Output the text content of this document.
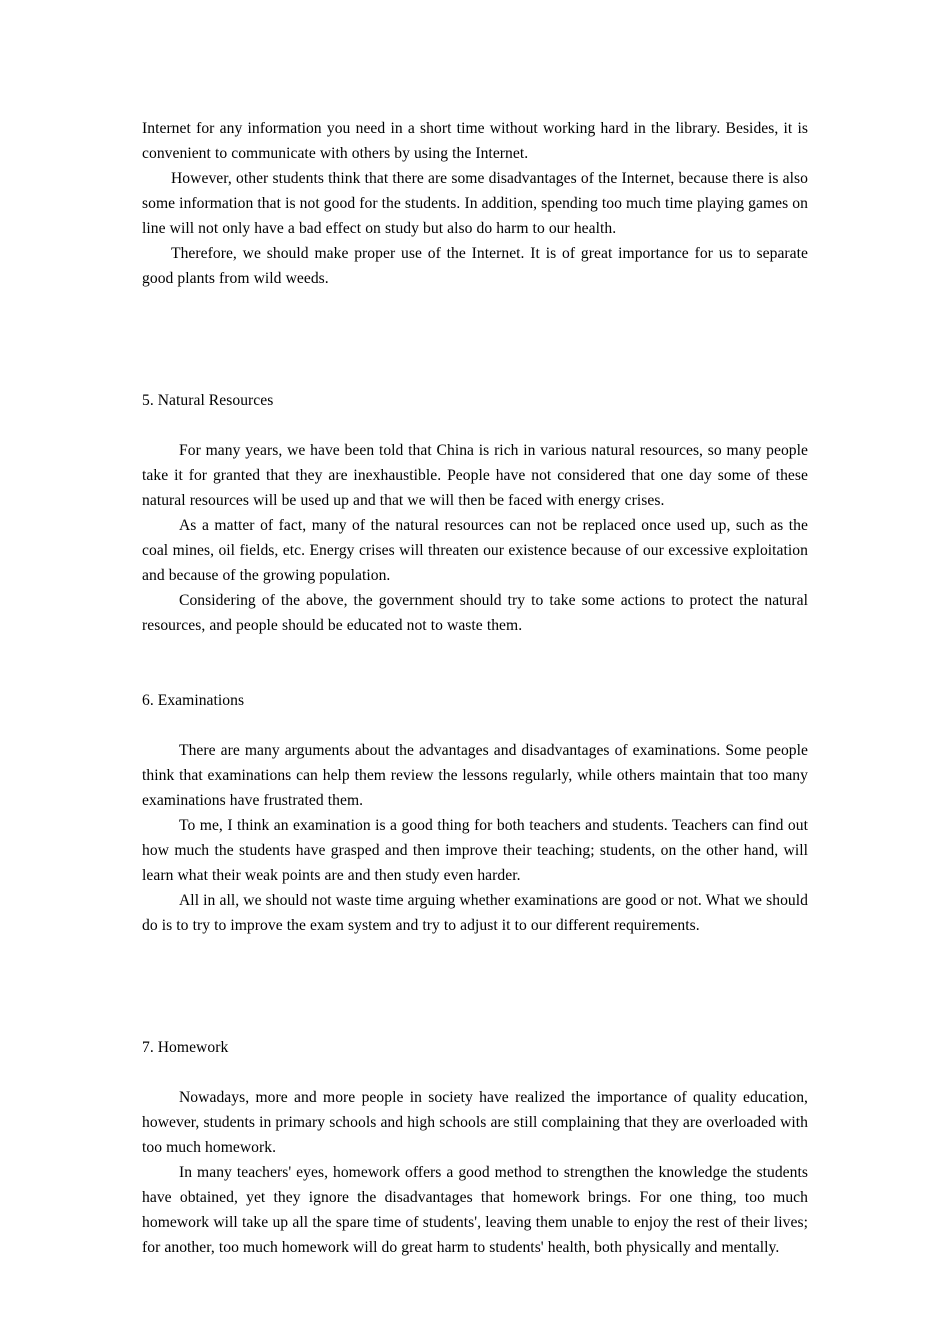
Internet for any information you need in a short time without working hard in the library. Besides, it is convenient to communicate with others by using the Internet.

However, other students think that there are some disadvantages of the Internet, because there is also some information that is not good for the students. In addition, spending too much time playing games on line will not only have a bad effect on study but also do harm to our health.

Therefore, we should make proper use of the Internet. It is of great importance for us to separate good plants from wild weeds.

5. Natural Resources

For many years, we have been told that China is rich in various natural resources, so many people take it for granted that they are inexhaustible. People have not considered that one day some of these natural resources will be used up and that we will then be faced with energy crises.

As a matter of fact, many of the natural resources can not be replaced once used up, such as the coal mines, oil fields, etc. Energy crises will threaten our existence because of our excessive exploitation and because of the growing population.

Considering of the above, the government should try to take some actions to protect the natural resources, and people should be educated not to waste them.

6. Examinations

There are many arguments about the advantages and disadvantages of examinations. Some people think that examinations can help them review the lessons regularly, while others maintain that too many examinations have frustrated them.

To me, I think an examination is a good thing for both teachers and students. Teachers can find out how much the students have grasped and then improve their teaching; students, on the other hand, will learn what their weak points are and then study even harder.

All in all, we should not waste time arguing whether examinations are good or not. What we should do is to try to improve the exam system and try to adjust it to our different requirements.

7. Homework

Nowadays, more and more people in society have realized the importance of quality education, however, students in primary schools and high schools are still complaining that they are overloaded with too much homework.

In many teachers' eyes, homework offers a good method to strengthen the knowledge the students have obtained, yet they ignore the disadvantages that homework brings. For one thing, too much homework will take up all the spare time of students', leaving them unable to enjoy the rest of their lives; for another, too much homework will do great harm to students' health, both physically and mentally.
